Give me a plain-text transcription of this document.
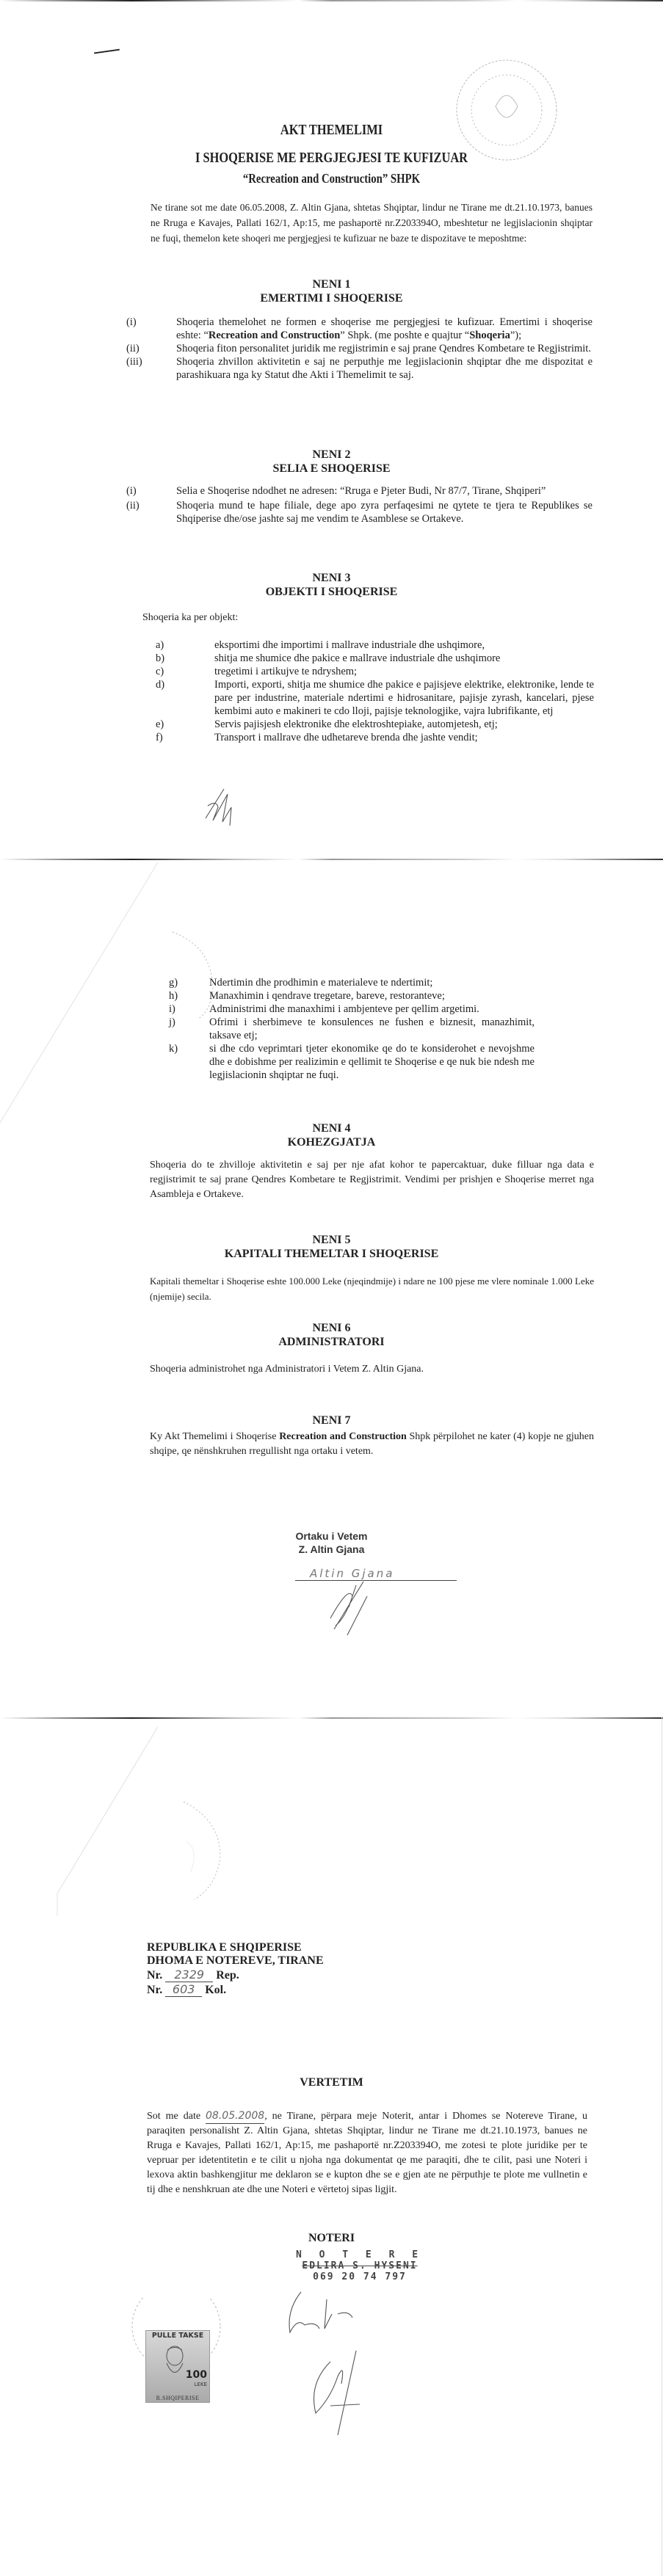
AKT THEMELIMI
I SHOQERISE ME PERGJEGJESI TE KUFIZUAR
“Recreation and Construction” SHPK
Ne tirane sot me date 06.05.2008, Z. Altin Gjana, shtetas Shqiptar, lindur ne Tirane me dt.21.10.1973, banues ne Rruga e Kavajes, Pallati 162/1, Ap:15, me pashaportë nr.Z203394O, mbeshtetur ne legjislacionin shqiptar ne fuqi, themelon kete shoqeri me pergjegjesi te kufizuar ne baze te dispozitave te meposhtme:
NENI 1
EMERTIMI I SHOQERISE
(i)	Shoqeria themelohet ne formen e shoqerise me pergjegjesi te kufizuar. Emertimi i shoqerise eshte: “Recreation and Construction” Shpk. (me poshte e quajtur “Shoqeria”);
(ii)	Shoqeria fiton personalitet juridik me regjistrimin e saj prane Qendres Kombetare te Regjistrimit.
(iii)	Shoqeria zhvillon aktivitetin e saj ne perputhje me legjislacionin shqiptar dhe me dispozitat e parashikuara nga ky Statut dhe Akti i Themelimit te saj.
NENI 2
SELIA E SHOQERISE
(i)	Selia e Shoqerise ndodhet ne adresen: “Rruga e Pjeter Budi, Nr 87/7, Tirane, Shqiperi”
(ii)	Shoqeria mund te hape filiale, dege apo zyra perfaqesimi ne qytete te tjera te Republikes se Shqiperise dhe/ose jashte saj me vendim te Asamblese se Ortakeve.
NENI 3
OBJEKTI I SHOQERISE
Shoqeria ka per objekt:
a)	eksportimi dhe importimi i mallrave industriale dhe ushqimore,
b)	shitja me shumice dhe pakice e mallrave industriale dhe ushqimore
c)	tregetimi i artikujve te ndryshem;
d)	Importi, exporti, shitja me shumice dhe pakice e pajisjeve elektrike, elektronike, lende te pare per industrine, materiale ndertimi e hidrosanitare, pajisje zyrash, kancelari, pjese kembimi auto e makineri te cdo lloji, pajisje teknologjike, vajra lubrifikante, etj
e)	Servis pajisjesh elektronike dhe elektroshtepiake, automjetesh, etj;
f)	Transport i mallrave dhe udhetareve brenda dhe jashte vendit;
g)	Ndertimin dhe prodhimin e materialeve te ndertimit;
h)	Manaxhimin i qendrave tregetare, bareve, restoranteve;
i)	Administrimi dhe manaxhimi i ambjenteve per qellim argetimi.
j)	Ofrimi i sherbimeve te konsulences ne fushen e biznesit, manazhimit, taksave etj;
k)	si dhe cdo veprimtari tjeter ekonomike qe do te konsiderohet e nevojshme dhe e dobishme per realizimin e qellimit te Shoqerise e qe nuk bie ndesh me legjislacionin shqiptar ne fuqi.
NENI 4
KOHEZGJATJA
Shoqeria do te zhvilloje aktivitetin e saj per nje afat kohor te papercaktuar, duke filluar nga data e regjistrimit te saj prane Qendres Kombetare te Regjistrimit. Vendimi per prishjen e Shoqerise merret nga Asambleja e Ortakeve.
NENI 5
KAPITALI THEMELTAR I SHOQERISE
Kapitali themeltar i Shoqerise eshte 100.000 Leke (njeqindmije) i ndare ne 100 pjese me vlere nominale 1.000 Leke (njemije) secila.
NENI 6
ADMINISTRATORI
Shoqeria administrohet nga Administratori i Vetem Z. Altin Gjana.
NENI 7
Ky Akt Themelimi i Shoqerise Recreation and Construction Shpk përpilohet ne kater (4) kopje ne gjuhen shqipe, qe nënshkruhen rregullisht nga ortaku i vetem.
Ortaku i Vetem
Z. Altin Gjana
Altin Gjana
REPUBLIKA E SHQIPERISE
DHOMA E NOTEREVE, TIRANE
Nr. 2329 Rep.
Nr. 603 Kol.
VERTETIM
Sot me date 08.05.2008, ne Tirane, përpara meje Noterit, antar i Dhomes se Notereve Tirane, u paraqiten personalisht Z. Altin Gjana, shtetas Shqiptar, lindur ne Tirane me dt.21.10.1973, banues ne Rruga e Kavajes, Pallati 162/1, Ap:15, me pashaportë nr.Z203394O, me zotesi te plote juridike per te vepruar per idetentitetin e te cilit u njoha nga dokumentat qe me paraqiti, dhe te cilit, pasi une Noteri i lexova aktin bashkengjitur me deklaron se e kupton dhe se e gjen ate ne përputhje te plote me vullnetin e tij dhe e nenshkruan ate dhe une Noteri e vërtetoj sipas ligjit.
NOTERI
N O T E R E
EDLIRA S. HYSENI
069 20 74 797
PULLE TAKSE
100
LEKE
R.SHQIPERISE
